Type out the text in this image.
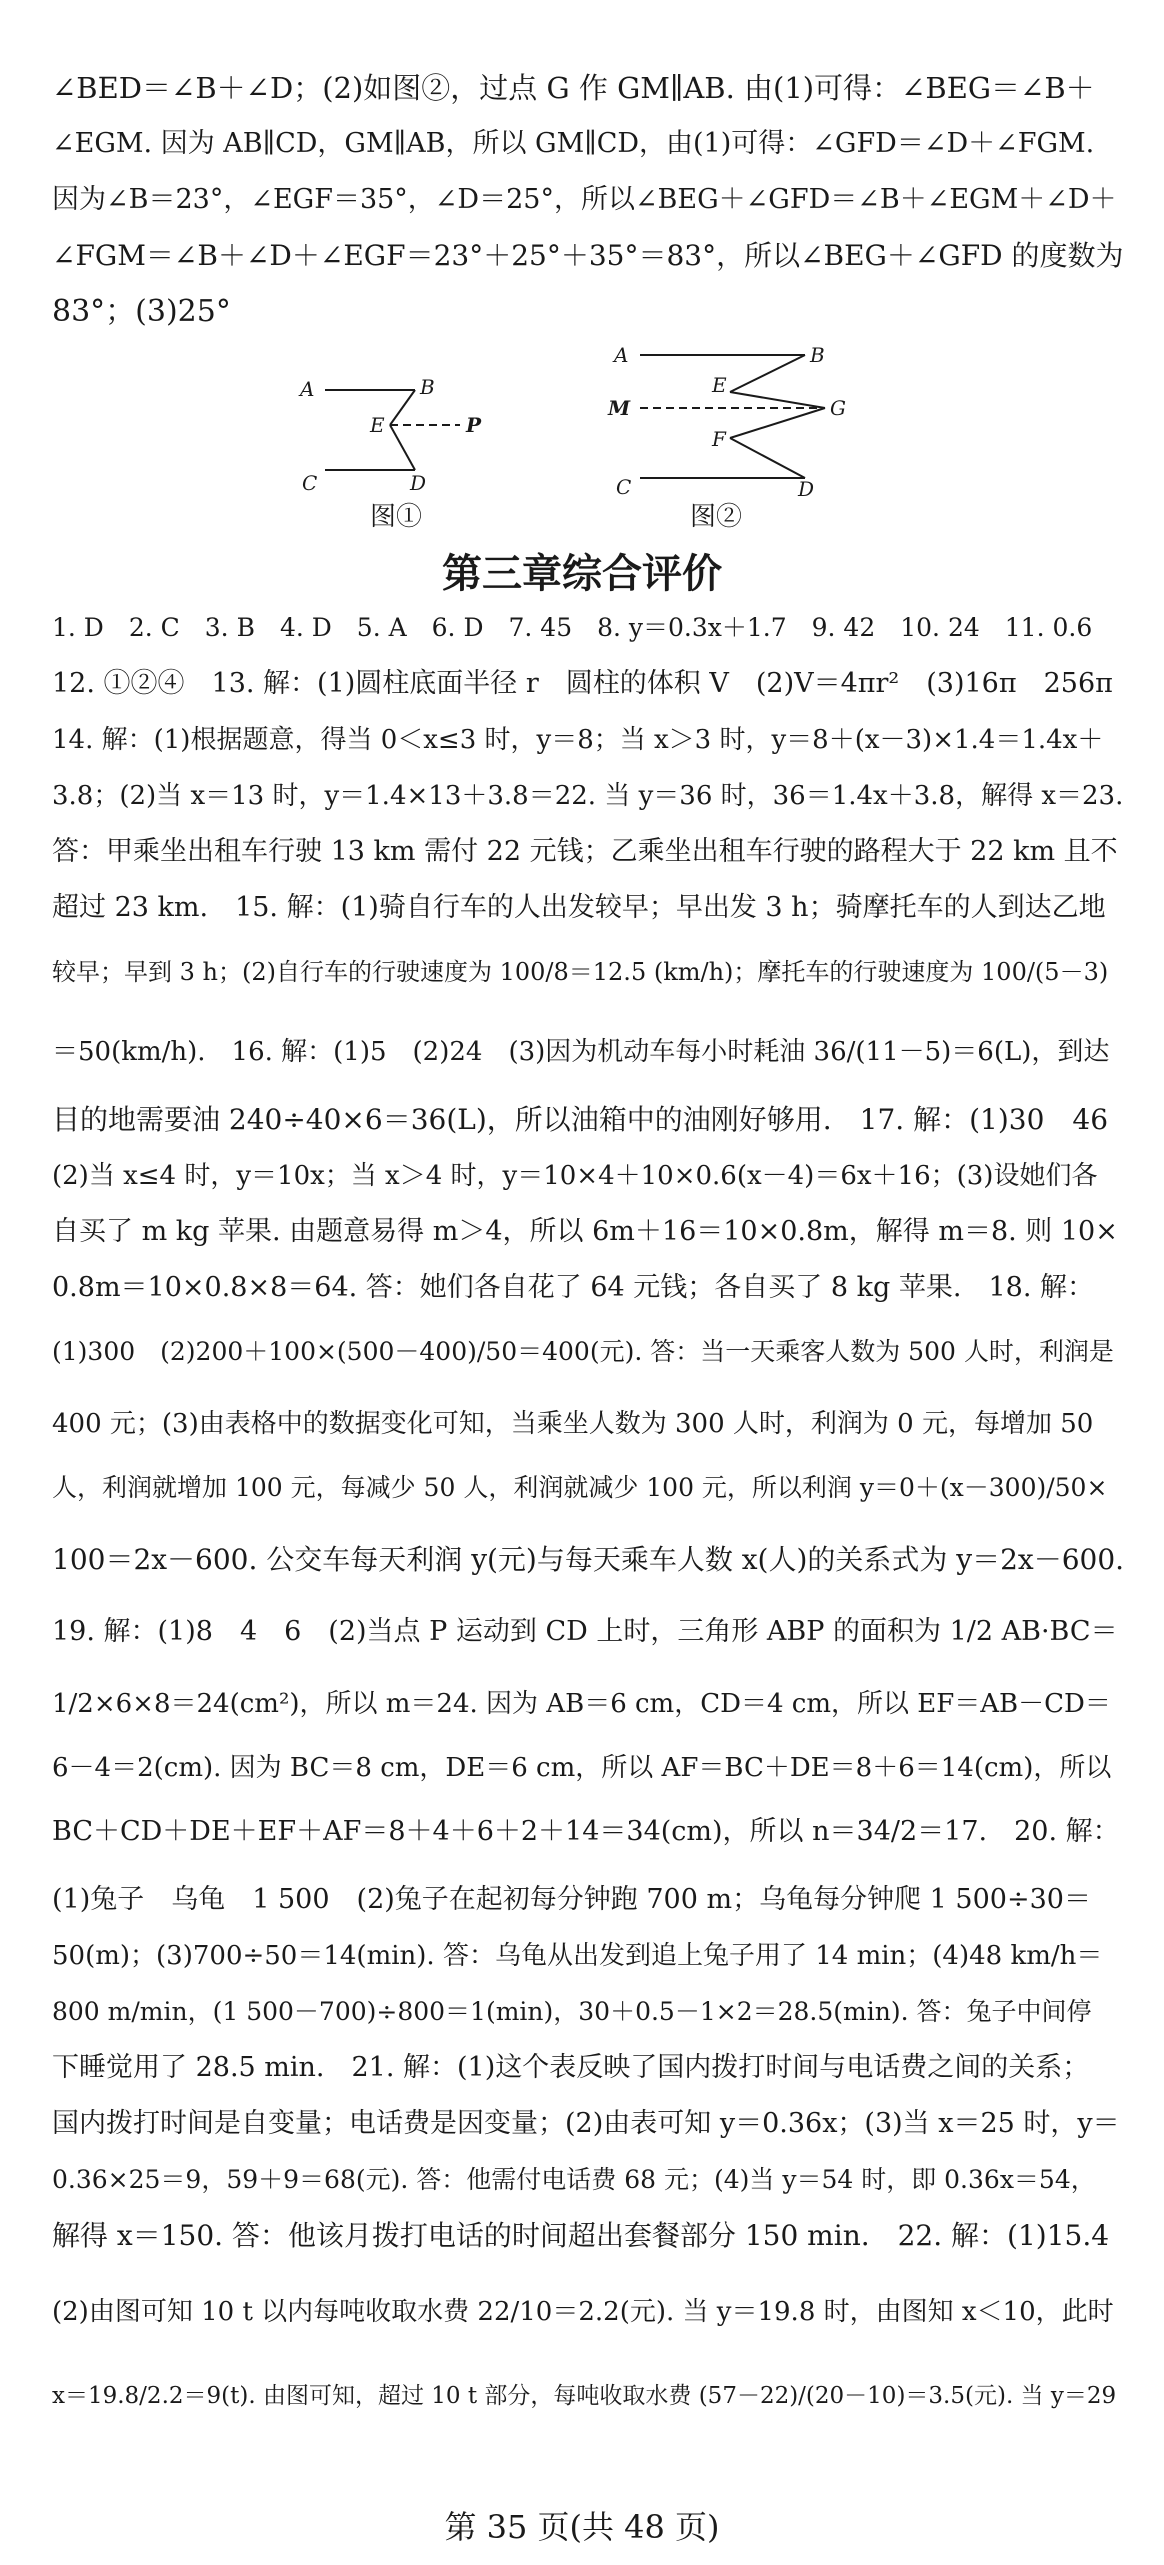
∠BED＝∠B＋∠D；(2)如图②，过点 G 作 GM∥AB. 由(1)可得：∠BEG＝∠B＋
∠EGM. 因为 AB∥CD，GM∥AB，所以 GM∥CD，由(1)可得：∠GFD＝∠D＋∠FGM.
因为∠B＝23°，∠EGF＝35°，∠D＝25°，所以∠BEG＋∠GFD＝∠B＋∠EGM＋∠D＋
∠FGM＝∠B＋∠D＋∠EGF＝23°＋25°＋35°＝83°，所以∠BEG＋∠GFD 的度数为
83°；(3)25°
A	B
E	P
C	D
图①
A	B
E
M	G
F
C	D
图②
第三章综合评价
1. D　2. C　3. B　4. D　5. A　6. D　7. 45　8. y＝0.3x＋1.7　9. 42　10. 24　11. 0.6
12. ①②④　13. 解：(1)圆柱底面半径 r　圆柱的体积 V　(2)V＝4πr²　(3)16π　256π
14. 解：(1)根据题意，得当 0＜x≤3 时，y＝8；当 x＞3 时，y＝8＋(x－3)×1.4＝1.4x＋
3.8；(2)当 x＝13 时，y＝1.4×13＋3.8＝22. 当 y＝36 时，36＝1.4x＋3.8，解得 x＝23.
答：甲乘坐出租车行驶 13 km 需付 22 元钱；乙乘坐出租车行驶的路程大于 22 km 且不
超过 23 km.　15. 解：(1)骑自行车的人出发较早；早出发 3 h；骑摩托车的人到达乙地
较早；早到 3 h；(2)自行车的行驶速度为 100/8＝12.5 (km/h)；摩托车的行驶速度为 100/(5－3)
＝50(km/h).　16. 解：(1)5　(2)24　(3)因为机动车每小时耗油 36/(11－5)＝6(L)，到达
目的地需要油 240÷40×6＝36(L)，所以油箱中的油刚好够用.　17. 解：(1)30　46
(2)当 x≤4 时，y＝10x；当 x＞4 时，y＝10×4＋10×0.6(x－4)＝6x＋16；(3)设她们各
自买了 m kg 苹果. 由题意易得 m＞4，所以 6m＋16＝10×0.8m，解得 m＝8. 则 10×
0.8m＝10×0.8×8＝64. 答：她们各自花了 64 元钱；各自买了 8 kg 苹果.　18. 解：
(1)300　(2)200＋100×(500－400)/50＝400(元). 答：当一天乘客人数为 500 人时，利润是
400 元；(3)由表格中的数据变化可知，当乘坐人数为 300 人时，利润为 0 元，每增加 50
人，利润就增加 100 元，每减少 50 人，利润就减少 100 元，所以利润 y＝0＋(x－300)/50×
100＝2x－600. 公交车每天利润 y(元)与每天乘车人数 x(人)的关系式为 y＝2x－600.
19. 解：(1)8　4　6　(2)当点 P 运动到 CD 上时，三角形 ABP 的面积为 1/2 AB·BC＝
1/2×6×8＝24(cm²)，所以 m＝24. 因为 AB＝6 cm，CD＝4 cm，所以 EF＝AB－CD＝
6－4＝2(cm). 因为 BC＝8 cm，DE＝6 cm，所以 AF＝BC＋DE＝8＋6＝14(cm)，所以
BC＋CD＋DE＋EF＋AF＝8＋4＋6＋2＋14＝34(cm)，所以 n＝34/2＝17.　20. 解：
(1)兔子　乌龟　1 500　(2)兔子在起初每分钟跑 700 m；乌龟每分钟爬 1 500÷30＝
50(m)；(3)700÷50＝14(min). 答：乌龟从出发到追上兔子用了 14 min；(4)48 km/h＝
800 m/min，(1 500－700)÷800＝1(min)，30＋0.5－1×2＝28.5(min). 答：兔子中间停
下睡觉用了 28.5 min.　21. 解：(1)这个表反映了国内拨打时间与电话费之间的关系；
国内拨打时间是自变量；电话费是因变量；(2)由表可知 y＝0.36x；(3)当 x＝25 时，y＝
0.36×25＝9，59＋9＝68(元). 答：他需付电话费 68 元；(4)当 y＝54 时，即 0.36x＝54，
解得 x＝150. 答：他该月拨打电话的时间超出套餐部分 150 min.　22. 解：(1)15.4
(2)由图可知 10 t 以内每吨收取水费 22/10＝2.2(元). 当 y＝19.8 时，由图知 x＜10，此时
x＝19.8/2.2＝9(t). 由图可知，超过 10 t 部分，每吨收取水费 (57－22)/(20－10)＝3.5(元). 当 y＝29
第 35 页(共 48 页)
